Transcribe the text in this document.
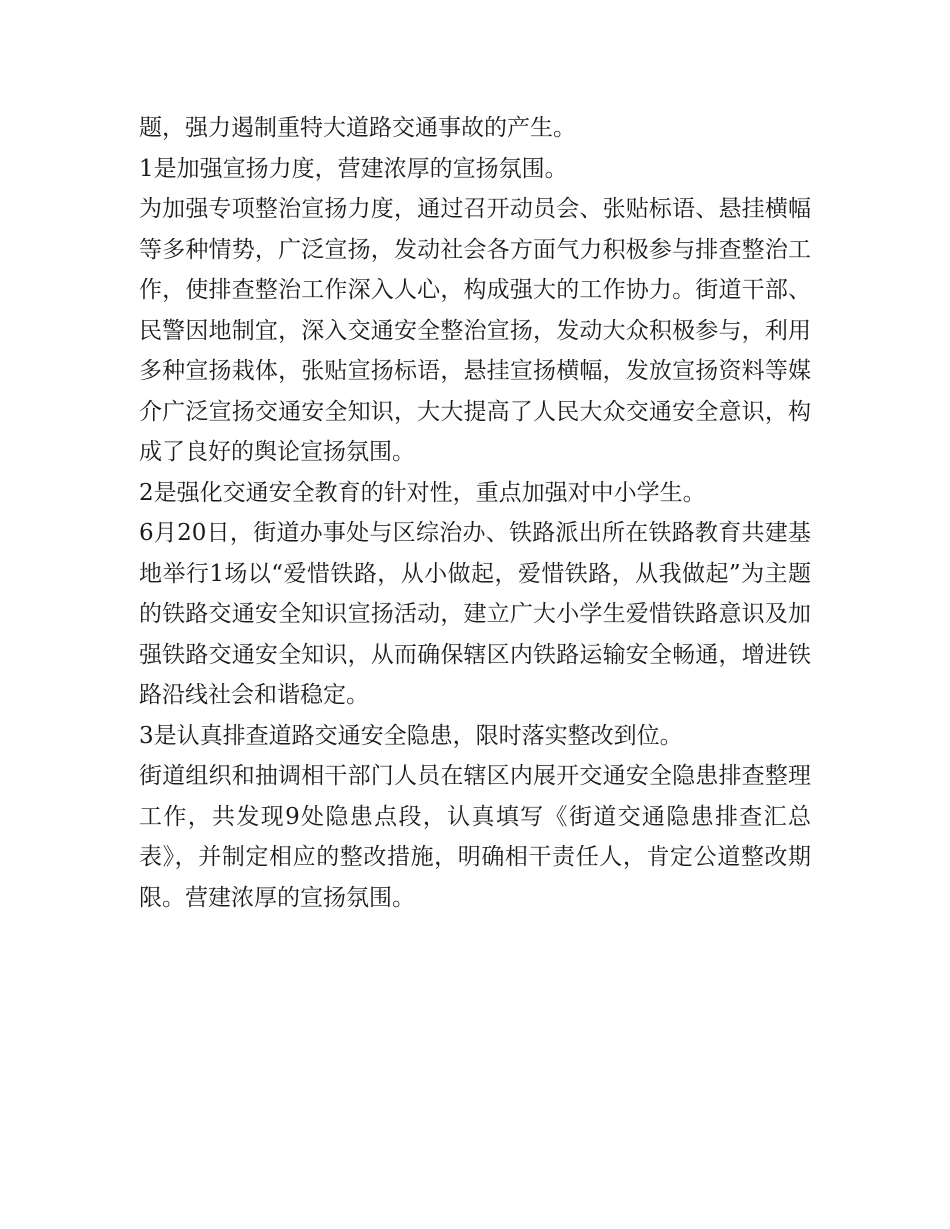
题，强力遏制重特大道路交通事故的产生。

1是加强宣扬力度，营建浓厚的宣扬氛围。

为加强专项整治宣扬力度，通过召开动员会、张贴标语、悬挂横幅等多种情势，广泛宣扬，发动社会各方面气力积极参与排查整治工作，使排查整治工作深入人心，构成强大的工作协力。街道干部、民警因地制宜，深入交通安全整治宣扬，发动大众积极参与，利用多种宣扬栽体，张贴宣扬标语，悬挂宣扬横幅，发放宣扬资料等媒介广泛宣扬交通安全知识，大大提高了人民大众交通安全意识，构成了良好的舆论宣扬氛围。

2是强化交通安全教育的针对性，重点加强对中小学生。

6月20日，街道办事处与区综治办、铁路派出所在铁路教育共建基地举行1场以“爱惜铁路，从小做起，爱惜铁路，从我做起”为主题的铁路交通安全知识宣扬活动，建立广大小学生爱惜铁路意识及加强铁路交通安全知识，从而确保辖区内铁路运输安全畅通，增进铁路沿线社会和谐稳定。

3是认真排查道路交通安全隐患，限时落实整改到位。

街道组织和抽调相干部门人员在辖区内展开交通安全隐患排查整理工作，共发现9处隐患点段，认真填写《街道交通隐患排查汇总表》，并制定相应的整改措施，明确相干责任人，肯定公道整改期限。营建浓厚的宣扬氛围。
